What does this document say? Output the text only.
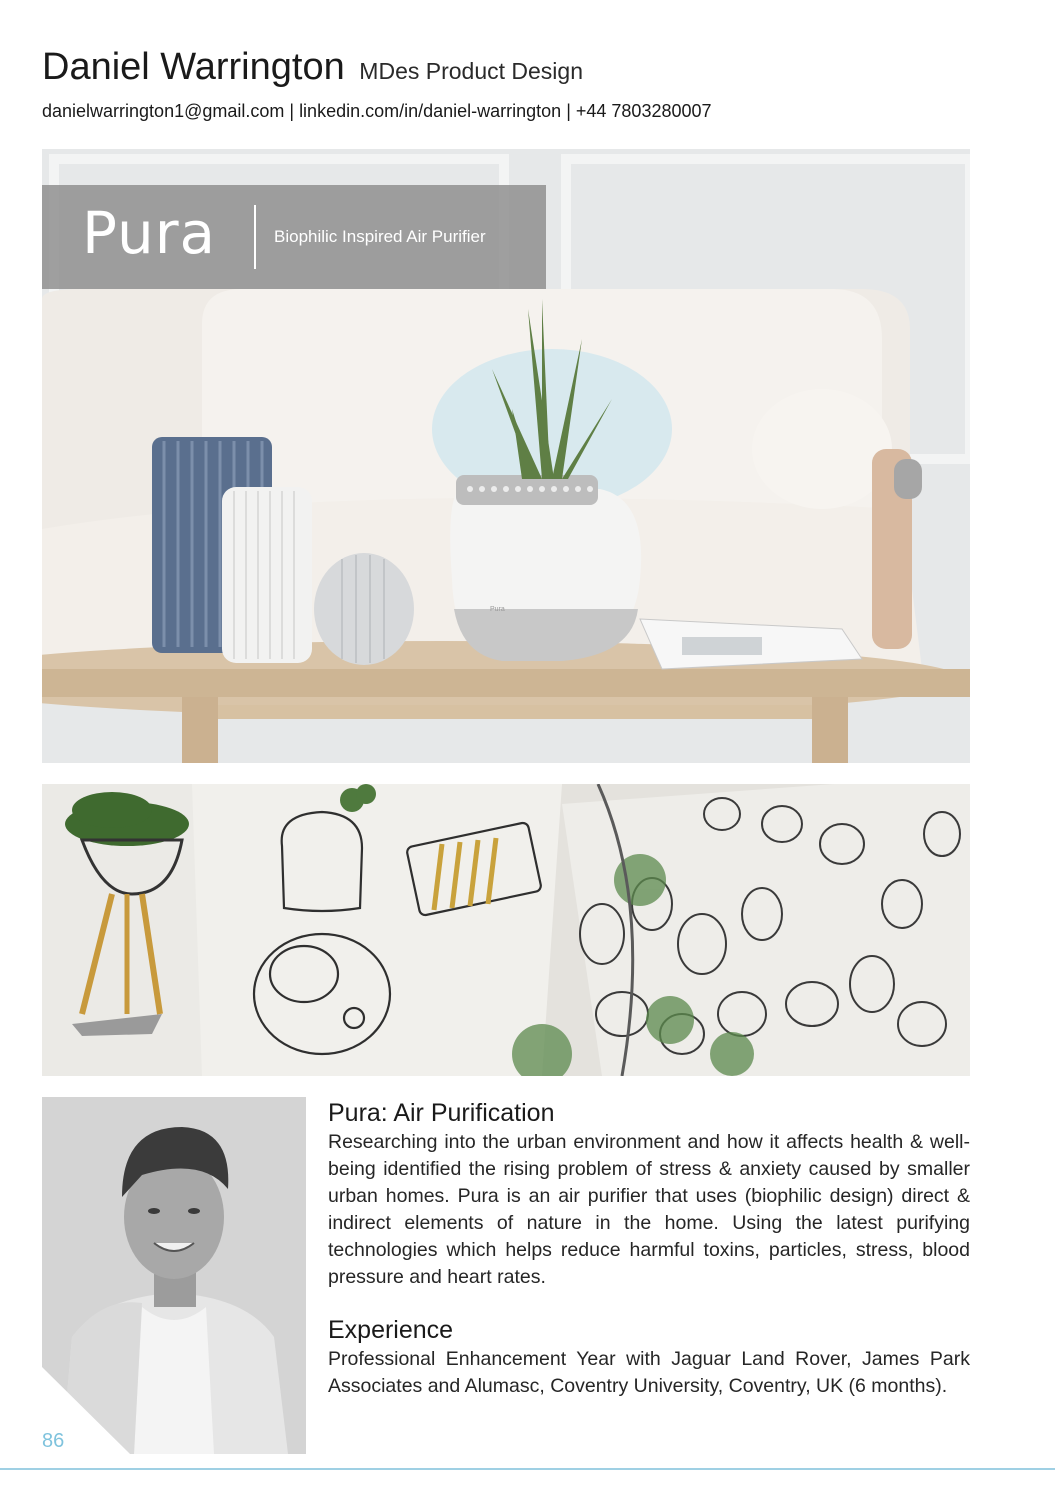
Daniel Warrington MDes Product Design
danielwarrington1@gmail.com | linkedin.com/in/daniel-warrington | +44 7803280007
Pura
Pura	Biophilic Inspired Air Purifier
86
Pura: Air Purification
Researching into the urban environment and how it affects health & well-being identified the rising problem of stress & anxiety caused by smaller urban homes. Pura is an air purifier that uses (biophilic design) direct & indirect elements of nature in the home. Using the latest purifying technologies which helps reduce harmful toxins, particles, stress, blood pressure and heart rates.
Experience
Professional Enhancement Year with Jaguar Land Rover, James Park Associates and Alumasc, Coventry University, Coventry, UK (6 months).
